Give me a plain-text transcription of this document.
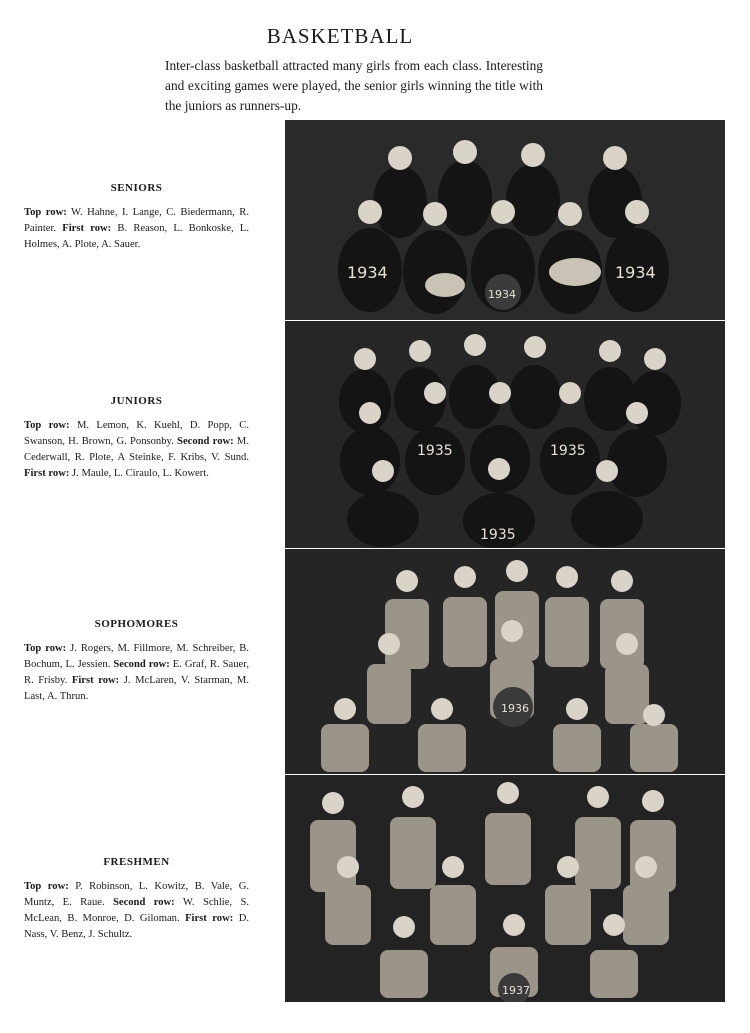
BASKETBALL
Inter-class basketball attracted many girls from each class. Interesting and exciting games were played, the senior girls winning the title with the juniors as runners-up.
SENIORS

Top row: W. Hahne, I. Lange, C. Biedermann, R. Painter. First row: B. Reason, L. Bonkoske, L. Holmes, A. Plote, A. Sauer.

JUNIORS

Top row: M. Lemon, K. Kuehl, D. Popp, C. Swanson, H. Brown, G. Ponsonby. Second row: M. Cederwall, R. Plote, A Steinke, F. Kribs, V. Sund. First row: J. Maule, L. Ciraulo, L. Kowert.

SOPHOMORES

Top row: J. Rogers, M. Fillmore, M. Schreiber, B. Bochum, L. Jessien. Second row: E. Graf, R. Sauer, R. Frisby. First row: J. McLaren, V. Starman, M. Last, A. Thrun.

FRESHMEN

Top row: P. Robinson, L. Kowitz, B. Vale, G. Muntz, E. Raue. Second row: W. Schlie, S. McLean, B. Monroe, D. Giloman. First row: D. Nass, V. Benz, J. Schultz.

1934
1934
1934
1935	1935
1935
1936
1937
